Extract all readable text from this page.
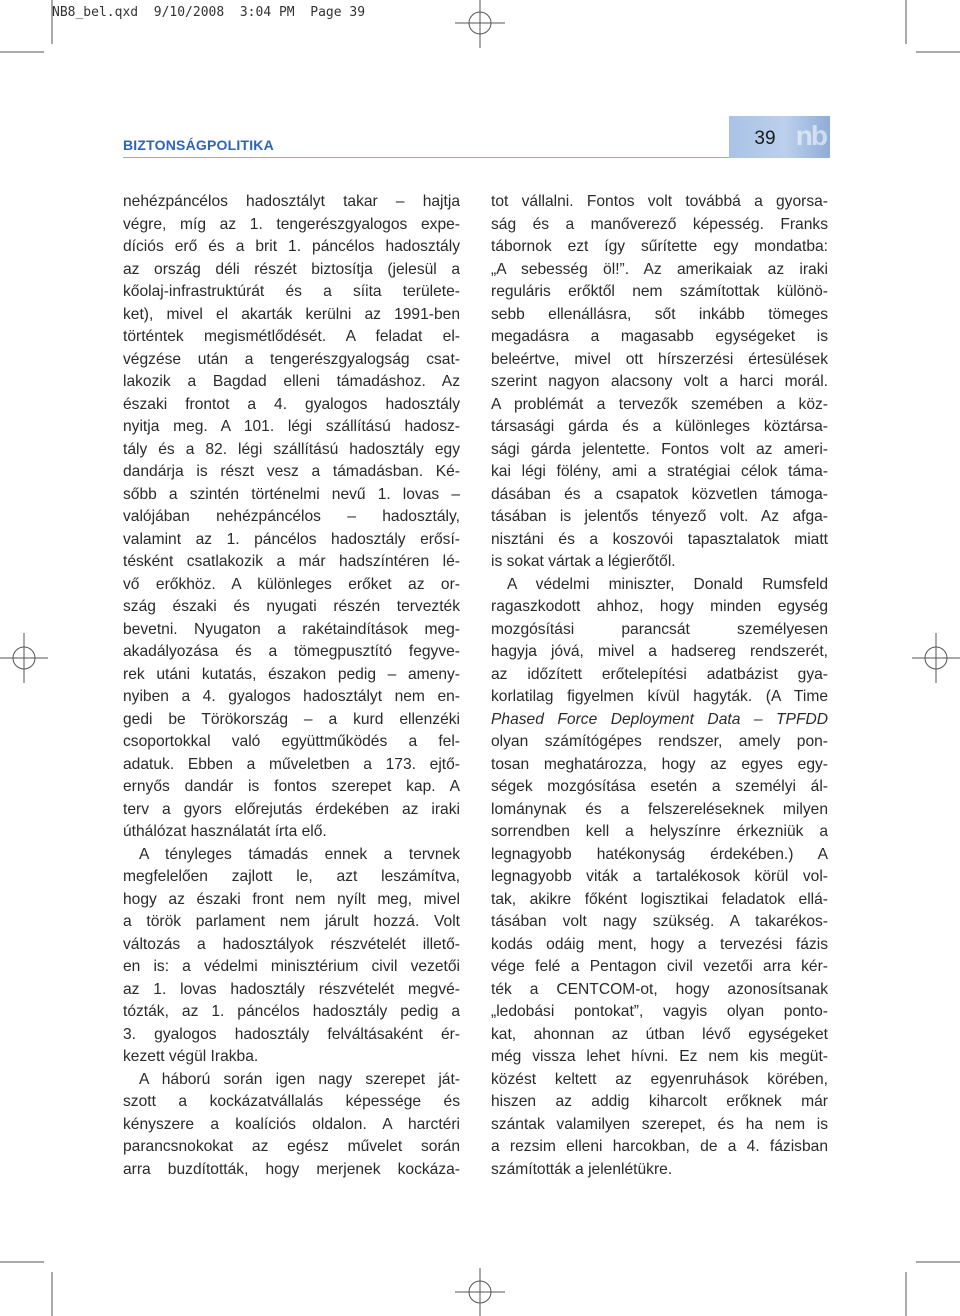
NB8_bel.qxd  9/10/2008  3:04 PM  Page 39
BIZTONSÁGPOLITIKA	39 nb
nehézpáncélos hadosztályt takar – hajtja
végre, míg az 1. tengerészgyalogos expe-
díciós erő és a brit 1. páncélos hadosztály
az ország déli részét biztosítja (jelesül a
kőolaj-infrastruktúrát és a síita területe-
ket), mivel el akarták kerülni az 1991-ben
történtek megismétlődését. A feladat el-
végzése után a tengerészgyalogság csat-
lakozik a Bagdad elleni támadáshoz. Az
északi frontot a 4. gyalogos hadosztály
nyitja meg. A 101. légi szállítású hadosz-
tály és a 82. légi szállítású hadosztály egy
dandárja is részt vesz a támadásban. Ké-
sőbb a szintén történelmi nevű 1. lovas –
valójában nehézpáncélos – hadosztály,
valamint az 1. páncélos hadosztály erősí-
tésként csatlakozik a már hadszíntéren lé-
vő erőkhöz. A különleges erőket az or-
szág északi és nyugati részén tervezték
bevetni. Nyugaton a rakétaindítások meg-
akadályozása és a tömegpusztító fegyve-
rek utáni kutatás, északon pedig – ameny-
nyiben a 4. gyalogos hadosztályt nem en-
gedi be Törökország – a kurd ellenzéki
csoportokkal való együttműködés a fel-
adatuk. Ebben a műveletben a 173. ejtő-
ernyős dandár is fontos szerepet kap. A
terv a gyors előrejutás érdekében az iraki
úthálózat használatát írta elő.
A tényleges támadás ennek a tervnek
megfelelően zajlott le, azt leszámítva,
hogy az északi front nem nyílt meg, mivel
a török parlament nem járult hozzá. Volt
változás a hadosztályok részvételét illető-
en is: a védelmi minisztérium civil vezetői
az 1. lovas hadosztály részvételét megvé-
tózták, az 1. páncélos hadosztály pedig a
3. gyalogos hadosztály felváltásaként ér-
kezett végül Irakba.
A háború során igen nagy szerepet ját-
szott a kockázatvállalás képessége és
kényszere a koalíciós oldalon. A harctéri
parancsnokokat az egész művelet során
arra buzdították, hogy merjenek kockáza-
tot vállalni. Fontos volt továbbá a gyorsa-
ság és a manőverező képesség. Franks
tábornok ezt így sűrítette egy mondatba:
„A sebesség öl!”. Az amerikaiak az iraki
reguláris erőktől nem számítottak különö-
sebb ellenállásra, sőt inkább tömeges
megadásra a magasabb egységeket is
beleértve, mivel ott hírszerzési értesülések
szerint nagyon alacsony volt a harci morál.
A problémát a tervezők szemében a köz-
társasági gárda és a különleges köztársa-
sági gárda jelentette. Fontos volt az ameri-
kai légi fölény, ami a stratégiai célok táma-
dásában és a csapatok közvetlen támoga-
tásában is jelentős tényező volt. Az afga-
nisztáni és a koszovói tapasztalatok miatt
is sokat vártak a légierőtől.
A védelmi miniszter, Donald Rumsfeld
ragaszkodott ahhoz, hogy minden egység
mozgósítási parancsát személyesen
hagyja jóvá, mivel a hadsereg rendszerét,
az időzített erőtelepítési adatbázist gya-
korlatilag figyelmen kívül hagyták. (A Time
Phased Force Deployment Data – TPFDD
olyan számítógépes rendszer, amely pon-
tosan meghatározza, hogy az egyes egy-
ségek mozgósítása esetén a személyi ál-
lománynak és a felszereléseknek milyen
sorrendben kell a helyszínre érkezniük a
legnagyobb hatékonyság érdekében.) A
legnagyobb viták a tartalékosok körül vol-
tak, akikre főként logisztikai feladatok ellá-
tásában volt nagy szükség. A takarékos-
kodás odáig ment, hogy a tervezési fázis
vége felé a Pentagon civil vezetői arra kér-
ték a CENTCOM-ot, hogy azonosítsanak
„ledobási pontokat”, vagyis olyan ponto-
kat, ahonnan az útban lévő egységeket
még vissza lehet hívni. Ez nem kis megüt-
közést keltett az egyenruhások körében,
hiszen az addig kiharcolt erőknek már
szántak valamilyen szerepet, és ha nem is
a rezsim elleni harcokban, de a 4. fázisban
számították a jelenlétükre.
